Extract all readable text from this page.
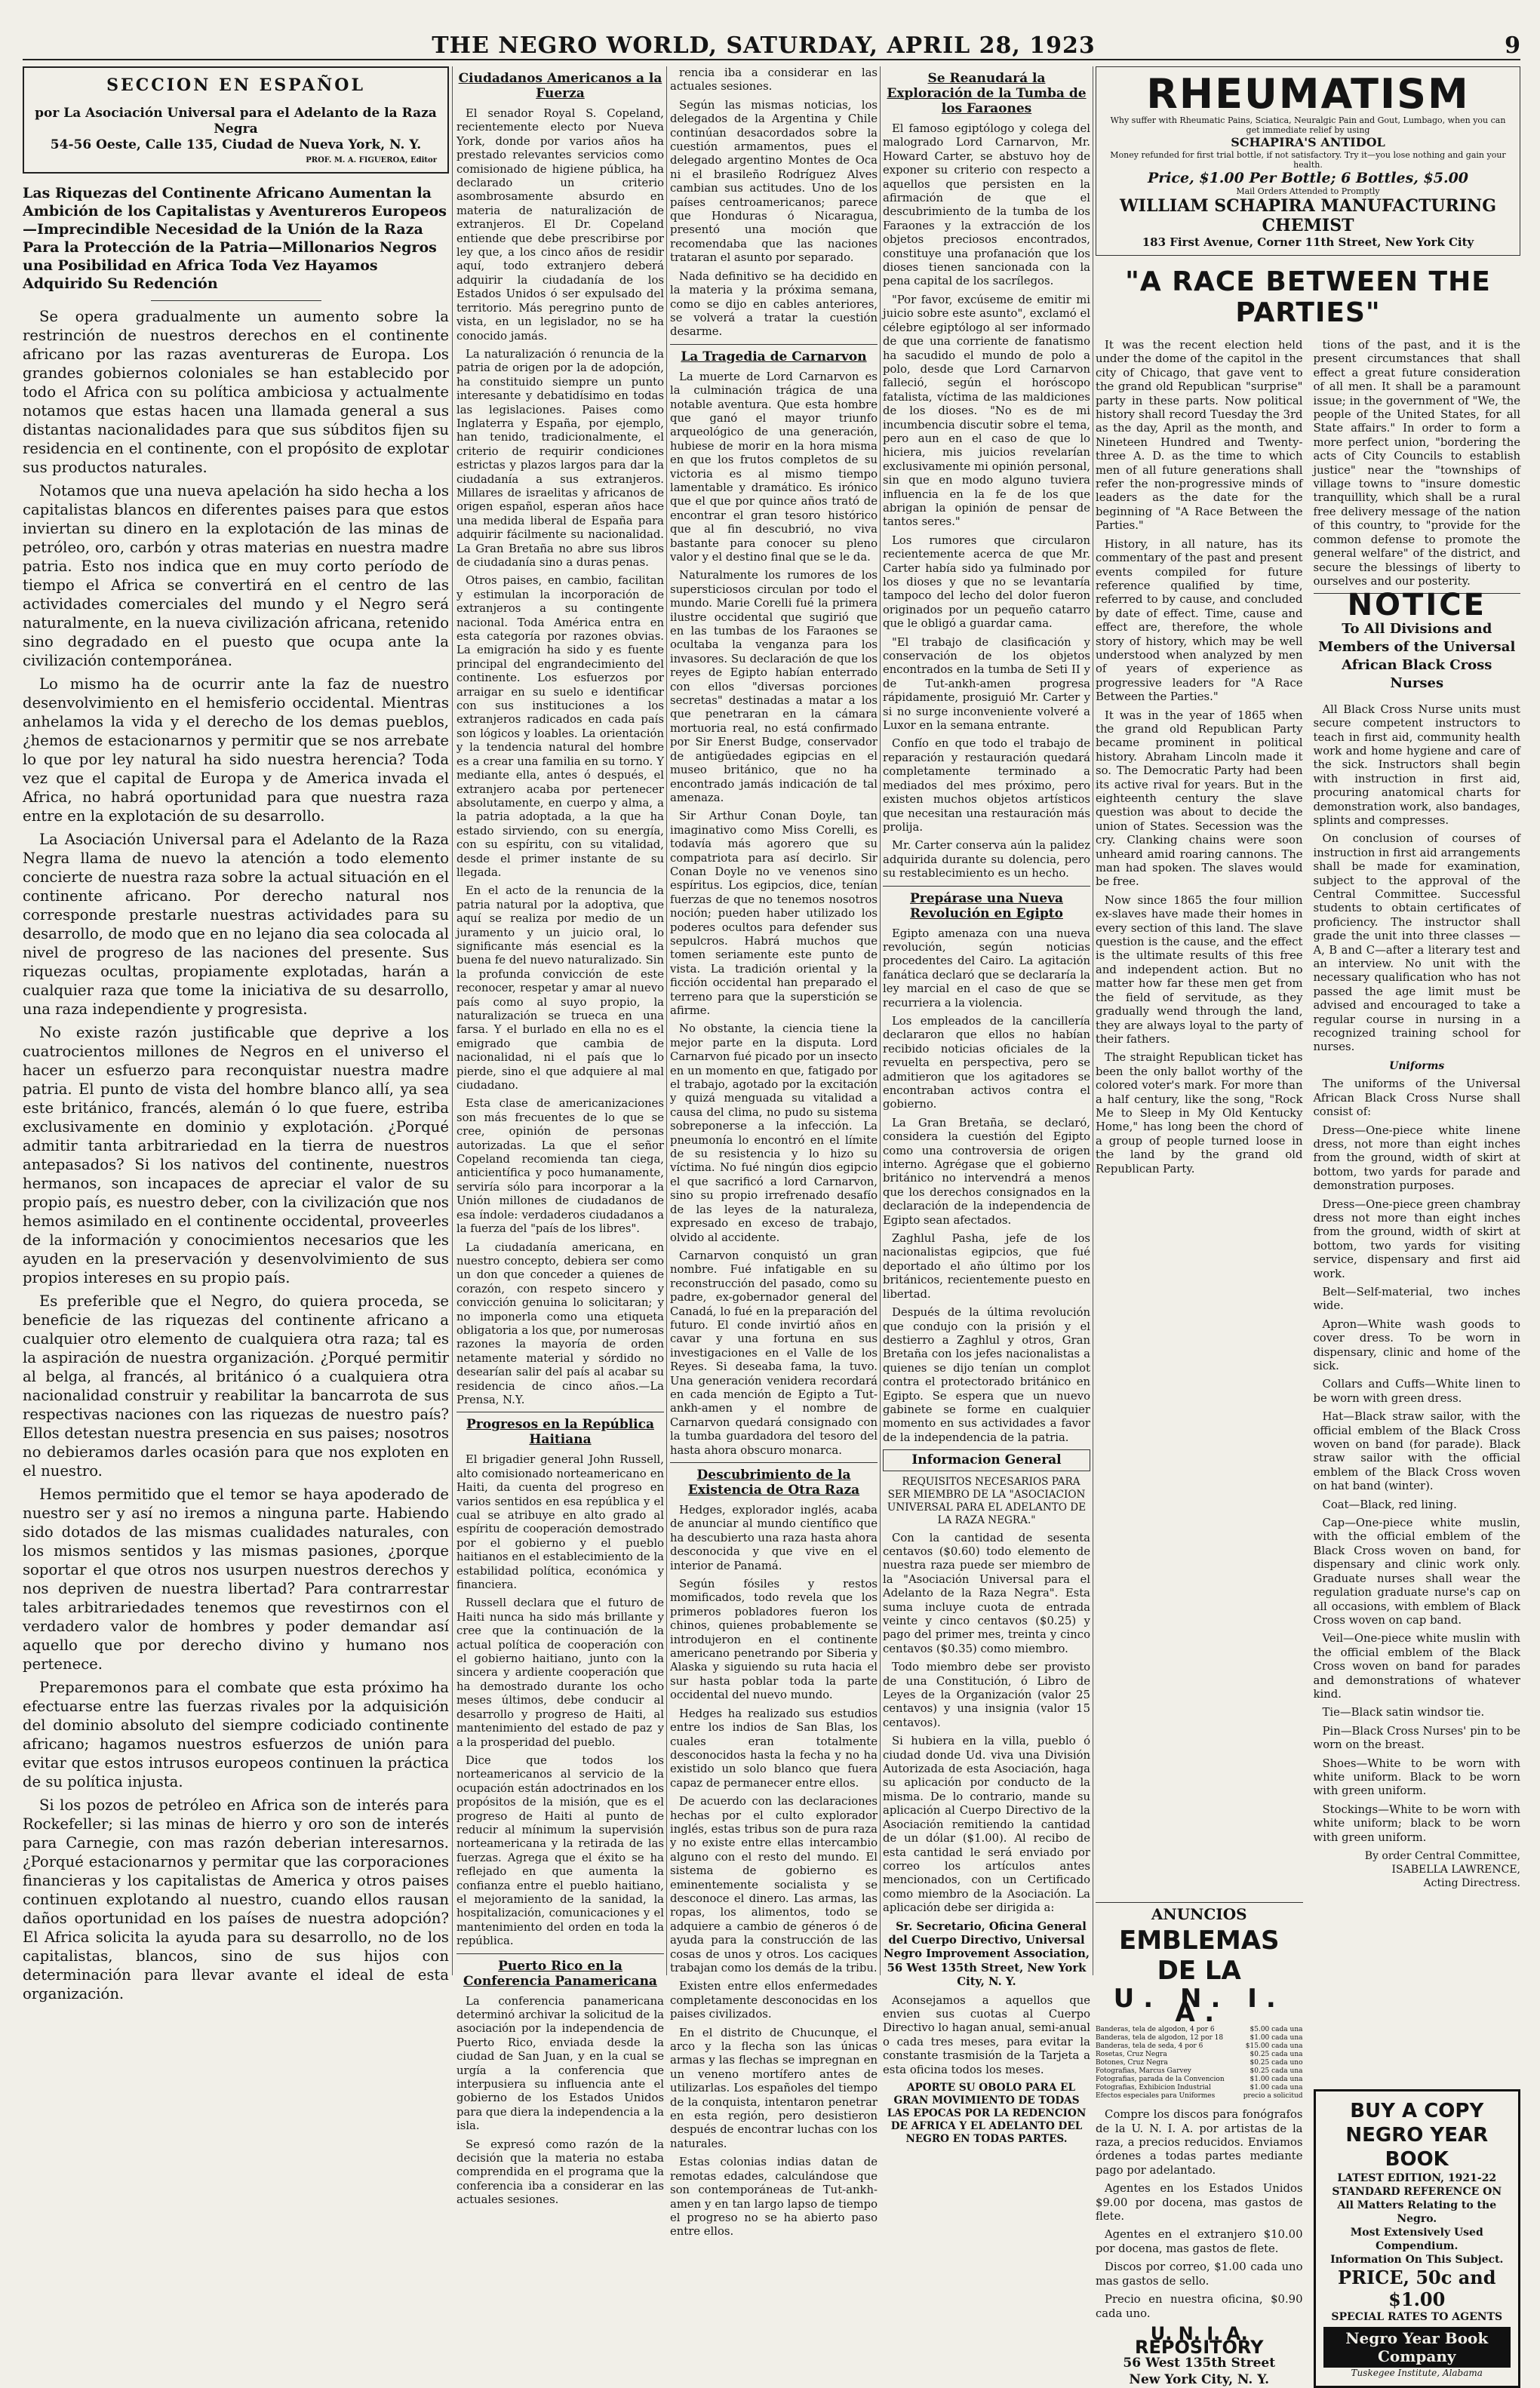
THE NEGRO WORLD, SATURDAY, APRIL 28, 1923	9
SECCION EN ESPAÑOL
por La Asociación Universal para el Adelanto de la Raza Negra
54-56 Oeste, Calle 135, Ciudad de Nueva York, N. Y.
PROF. M. A. FIGUEROA, Editor
Las Riquezas del Continente Africano Aumentan la Ambición de los Capitalistas y Aventureros Europeos—Imprecindible Necesidad de la Unión de la Raza Para la Protección de la Patria—Millonarios Negros una Posibilidad en Africa Toda Vez Hayamos Adquirido Su Redención

Se opera gradualmente un aumento sobre la restrinción de nuestros derechos en el continente africano por las razas aventureras de Europa. Los grandes gobiernos coloniales se han establecido por todo el Africa con su política ambiciosa y actualmente notamos que estas hacen una llamada general a sus distantas nacionalidades para que sus súbditos fijen su residencia en el continente, con el propósito de explotar sus productos naturales.

Notamos que una nueva apelación ha sido hecha a los capitalistas blancos en diferentes paises para que estos inviertan su dinero en la explotación de las minas de petróleo, oro, carbón y otras materias en nuestra madre patria. Esto nos indica que en muy corto período de tiempo el Africa se convertirá en el centro de las actividades comerciales del mundo y el Negro será naturalmente, en la nueva civilización africana, retenido sino degradado en el puesto que ocupa ante la civilización contemporánea.

Lo mismo ha de ocurrir ante la faz de nuestro desenvolvimiento en el hemisferio occidental. Mientras anhelamos la vida y el derecho de los demas pueblos, ¿hemos de estacionarnos y permitir que se nos arrebate lo que por ley natural ha sido nuestra herencia? Toda vez que el capital de Europa y de America invada el Africa, no habrá oportunidad para que nuestra raza entre en la explotación de su desarrollo.

La Asociación Universal para el Adelanto de la Raza Negra llama de nuevo la atención a todo elemento concierte de nuestra raza sobre la actual situación en el continente africano. Por derecho natural nos corresponde prestarle nuestras actividades para su desarrollo, de modo que en no lejano dia sea colocada al nivel de progreso de las naciones del presente. Sus riquezas ocultas, propiamente explotadas, harán a cualquier raza que tome la iniciativa de su desarrollo, una raza independiente y progresista.

No existe razón justificable que deprive a los cuatrocientos millones de Negros en el universo el hacer un esfuerzo para reconquistar nuestra madre patria. El punto de vista del hombre blanco allí, ya sea este británico, francés, alemán ó lo que fuere, estriba exclusivamente en dominio y explotación. ¿Porqué admitir tanta arbitrariedad en la tierra de nuestros antepasados? Si los nativos del continente, nuestros hermanos, son incapaces de apreciar el valor de su propio país, es nuestro deber, con la civilización que nos hemos asimilado en el continente occidental, proveerles de la información y conocimientos necesarios que les ayuden en la preservación y desenvolvimiento de sus propios intereses en su propio país.

Es preferible que el Negro, do quiera proceda, se beneficie de las riquezas del continente africano a cualquier otro elemento de cualquiera otra raza; tal es la aspiración de nuestra organización. ¿Porqué permitir al belga, al francés, al británico ó a cualquiera otra nacionalidad construir y reabilitar la bancarrota de sus respectivas naciones con las riquezas de nuestro país? Ellos detestan nuestra presencia en sus paises; nosotros no debieramos darles ocasión para que nos exploten en el nuestro.

Hemos permitido que el temor se haya apoderado de nuestro ser y así no iremos a ninguna parte. Habiendo sido dotados de las mismas cualidades naturales, con los mismos sentidos y las mismas pasiones, ¿porque soportar el que otros nos usurpen nuestros derechos y nos depriven de nuestra libertad? Para contrarrestar tales arbitrariedades tenemos que revestirnos con el verdadero valor de hombres y poder demandar así aquello que por derecho divino y humano nos pertenece.

Preparemonos para el combate que esta próximo ha efectuarse entre las fuerzas rivales por la adquisición del dominio absoluto del siempre codiciado continente africano; hagamos nuestros esfuerzos de unión para evitar que estos intrusos europeos continuen la práctica de su política injusta.

Si los pozos de petróleo en Africa son de interés para Rockefeller; si las minas de hierro y oro son de interés para Carnegie, con mas razón deberian interesarnos. ¿Porqué estacionarnos y permitar que las corporaciones financieras y los capitalistas de America y otros paises continuen explotando al nuestro, cuando ellos rausan daños oportunidad en los países de nuestra adopción? El Africa solicita la ayuda para su desarrollo, no de los capitalistas, blancos, sino de sus hijos con determinación para llevar avante el ideal de esta organización.

Ciudadanos Americanos a la Fuerza

El senador Royal S. Copeland, recientemente electo por Nueva York, donde por varios años ha prestado relevantes servicios como comisionado de higiene pública, ha declarado un criterio asombrosamente absurdo en materia de naturalización de extranjeros. El Dr. Copeland entiende que debe prescribirse por ley que, a los cinco años de residir aquí, todo extranjero deberá adquirir la ciudadanía de los Estados Unidos ó ser expulsado del territorio. Más peregrino punto de vista, en un legislador, no se ha conocido jamás.

La naturalización ó renuncia de la patria de origen por la de adopción, ha constituido siempre un punto interesante y debatidísimo en todas las legislaciones. Paises como Inglaterra y España, por ejemplo, han tenido, tradicionalmente, el criterio de requirir condiciones estrictas y plazos largos para dar la ciudadanía a sus extranjeros. Millares de israelitas y africanos de origen español, esperan años hace una medida liberal de España para adquirir fácilmente su nacionalidad. La Gran Bretaña no abre sus libros de ciudadanía sino a duras penas.

Otros paises, en cambio, facilitan y estimulan la incorporación de extranjeros a su contingente nacional. Toda América entra en esta categoría por razones obvias. La emigración ha sido y es fuente principal del engrandecimiento del continente. Los esfuerzos por arraigar en su suelo e identificar con sus instituciones a los extranjeros radicados en cada país son lógicos y loables. La orientación y la tendencia natural del hombre es a crear una familia en su torno. Y mediante ella, antes ó después, el extranjero acaba por pertenecer absolutamente, en cuerpo y alma, a la patria adoptada, a la que ha estado sirviendo, con su energía, con su espíritu, con su vitalidad, desde el primer instante de su llegada.

En el acto de la renuncia de la patria natural por la adoptiva, que aquí se realiza por medio de un juramento y un juicio oral, lo significante más esencial es la buena fe del nuevo naturalizado. Sin la profunda convicción de este reconocer, respetar y amar al nuevo país como al suyo propio, la naturalización se trueca en una farsa. Y el burlado en ella no es el emigrado que cambia de nacionalidad, ni el país que lo pierde, sino el que adquiere al mal ciudadano.

Esta clase de americanizaciones son más frecuentes de lo que se cree, opinión de personas autorizadas. La que el señor Copeland recomienda tan ciega, anticientífica y poco humanamente, serviría sólo para incorporar a la Unión millones de ciudadanos de esa índole: verdaderos ciudadanos a la fuerza del "país de los libres".

La ciudadanía americana, en nuestro concepto, debiera ser como un don que conceder a quienes de corazón, con respeto sincero y convicción genuina lo solicitaran; y no imponerla como una etiqueta obligatoria a los que, por numerosas razones la mayoría de orden netamente material y sórdido no desearían salir del país al acabar su residencia de cinco años.—La Prensa, N.Y.

Progresos en la República Haitiana

El brigadier general John Russell, alto comisionado norteamericano en Haiti, da cuenta del progreso en varios sentidos en esa república y el cual se atribuye en alto grado al espíritu de cooperación demostrado por el gobierno y el pueblo haitianos en el establecimiento de la estabilidad política, económica y financiera.

Russell declara que el futuro de Haiti nunca ha sido más brillante y cree que la continuación de la actual política de cooperación con el gobierno haitiano, junto con la sincera y ardiente cooperación que ha demostrado durante los ocho meses últimos, debe conducir al desarrollo y progreso de Haiti, al mantenimiento del estado de paz y a la prosperidad del pueblo.

Dice que todos los norteamericanos al servicio de la ocupación están adoctrinados en los propósitos de la misión, que es el progreso de Haiti al punto de reducir al mínimum la supervisión norteamericana y la retirada de las fuerzas. Agrega que el éxito se ha reflejado en que aumenta la confianza entre el pueblo haitiano, el mejoramiento de la sanidad, la hospitalización, comunicaciones y el mantenimiento del orden en toda la república.

Puerto Rico en la Conferencia Panamericana

La conferencia panamericana determinó archivar la solicitud de la asociación por la independencia de Puerto Rico, enviada desde la ciudad de San Juan, y en la cual se urgía a la conferencia que interpusiera su influencia ante el gobierno de los Estados Unidos para que diera la independencia a la isla.

Se expresó como razón de la decisión que la materia no estaba comprendida en el programa que la conferencia iba a considerar en las actuales sesiones.

rencia iba a considerar en las actuales sesiones.

Según las mismas noticias, los delegados de la Argentina y Chile continúan desacordados sobre la cuestión armamentos, pues el delegado argentino Montes de Oca ni el brasileño Rodríguez Alves cambian sus actitudes. Uno de los países centroamericanos; parece que Honduras ó Nicaragua, presentó una moción que recomendaba que las naciones trataran el asunto por separado.

Nada definitivo se ha decidido en la materia y la próxima semana, como se dijo en cables anteriores, se volverá a tratar la cuestión desarme.

La Tragedia de Carnarvon

La muerte de Lord Carnarvon es la culminación trágica de una notable aventura. Que esta hombre que ganó el mayor triunfo arqueológico de una generación, hubiese de morir en la hora misma en que los frutos completos de su victoria es al mismo tiempo lamentable y dramático. Es irónico que el que por quince años trató de encontrar el gran tesoro histórico que al fin descubrió, no viva bastante para conocer su pleno valor y el destino final que se le da.

Naturalmente los rumores de los supersticiosos circulan por todo el mundo. Marie Corelli fué la primera ilustre occidental que sugirió que en las tumbas de los Faraones se ocultaba la venganza para los invasores. Su declaración de que los reyes de Egipto habían enterrado con ellos "diversas porciones secretas" destinadas a matar a los que penetraran en la cámara mortuoria real, no está confirmado por Sir Enerst Budge, conservador de antigüedades egipcias en el museo británico, que no ha encontrado jamás indicación de tal amenaza.

Sir Arthur Conan Doyle, tan imaginativo como Miss Corelli, es todavía más agorero que su compatriota para así decirlo. Sir Conan Doyle no ve venenos sino espíritus. Los egipcios, dice, tenían fuerzas de que no tenemos nosotros noción; pueden haber utilizado los poderes ocultos para defender sus sepulcros. Habrá muchos que tomen seriamente este punto de vista. La tradición oriental y la ficción occidental han preparado el terreno para que la superstición se afirme.

No obstante, la ciencia tiene la mejor parte en la disputa. Lord Carnarvon fué picado por un insecto en un momento en que, fatigado por el trabajo, agotado por la excitación y quizá menguada su vitalidad a causa del clima, no pudo su sistema sobreponerse a la infección. La pneumonía lo encontró en el límite de su resistencia y lo hizo su víctima. No fué ningún dios egipcio el que sacrificó a lord Carnarvon, sino su propio irrefrenado desafío de las leyes de la naturaleza, expresado en exceso de trabajo, olvido al accidente.

Carnarvon conquistó un gran nombre. Fué infatigable en su reconstrucción del pasado, como su padre, ex-gobernador general del Canadá, lo fué en la preparación del futuro. El conde invirtió años en cavar y una fortuna en sus investigaciones en el Valle de los Reyes. Si deseaba fama, la tuvo. Una generación venidera recordará en cada mención de Egipto a Tut-ankh-amen y el nombre de Carnarvon quedará consignado con la tumba guardadora del tesoro del hasta ahora obscuro monarca.

Descubrimiento de la Existencia de Otra Raza

Hedges, explorador inglés, acaba de anunciar al mundo científico que ha descubierto una raza hasta ahora desconocida y que vive en el interior de Panamá.

Según fósiles y restos momificados, todo revela que los primeros pobladores fueron los chinos, quienes probablemente se introdujeron en el continente americano penetrando por Siberia y Alaska y siguiendo su ruta hacia el sur hasta poblar toda la parte occidental del nuevo mundo.

Hedges ha realizado sus estudios entre los indios de San Blas, los cuales eran totalmente desconocidos hasta la fecha y no ha existido un solo blanco que fuera capaz de permanecer entre ellos.

De acuerdo con las declaraciones hechas por el culto explorador inglés, estas tribus son de pura raza y no existe entre ellas intercambio alguno con el resto del mundo. El sistema de gobierno es eminentemente socialista y se desconoce el dinero. Las armas, las ropas, los alimentos, todo se adquiere a cambio de géneros ó de ayuda para la construcción de las cosas de unos y otros. Los caciques trabajan como los demás de la tribu.

Existen entre ellos enfermedades completamente desconocidas en los paises civilizados.

En el distrito de Chucunque, el arco y la flecha son las únicas armas y las flechas se impregnan en un veneno mortífero antes de utilizarlas. Los españoles del tiempo de la conquista, intentaron penetrar en esta región, pero desistieron después de encontrar luchas con los naturales.

Estas colonias indias datan de remotas edades, calculándose que son contemporáneas de Tut-ankh-amen y en tan largo lapso de tiempo el progreso no se ha abierto paso entre ellos.

Se Reanudará la Exploración de la Tumba de los Faraones

El famoso egiptólogo y colega del malogrado Lord Carnarvon, Mr. Howard Carter, se abstuvo hoy de exponer su criterio con respecto a aquellos que persisten en la afirmación de que el descubrimiento de la tumba de los Faraones y la extracción de los objetos preciosos encontrados, constituye una profanación que los dioses tienen sancionada con la pena capital de los sacrílegos.

"Por favor, excúseme de emitir mi juicio sobre este asunto", exclamó el célebre egiptólogo al ser informado de que una corriente de fanatismo ha sacudido el mundo de polo a polo, desde que Lord Carnarvon falleció, según el horóscopo fatalista, víctima de las maldiciones de los dioses. "No es de mi incumbencia discutir sobre el tema, pero aun en el caso de que lo hiciera, mis juicios revelarían exclusivamente mi opinión personal, sin que en modo alguno tuviera influencia en la fe de los que abrigan la opinión de pensar de tantos seres."

Los rumores que circularon recientemente acerca de que Mr. Carter había sido ya fulminado por los dioses y que no se levantaría tampoco del lecho del dolor fueron originados por un pequeño catarro que le obligó a guardar cama.

"El trabajo de clasificación y conservación de los objetos encontrados en la tumba de Seti II y de Tut-ankh-amen progresa rápidamente, prosiguió Mr. Carter y si no surge inconveniente volveré a Luxor en la semana entrante.

Confío en que todo el trabajo de reparación y restauración quedará completamente terminado a mediados del mes próximo, pero existen muchos objetos artísticos que necesitan una restauración más prolija.

Mr. Carter conserva aún la palidez adquirida durante su dolencia, pero su restablecimiento es un hecho.

Prepárase una Nueva Revolución en Egipto

Egipto amenaza con una nueva revolución, según noticias procedentes del Cairo. La agitación fanática declaró que se declararía la ley marcial en el caso de que se recurriera a la violencia.

Los empleados de la cancillería declararon que ellos no habían recibido noticias oficiales de la revuelta en perspectiva, pero se admitieron que los agitadores se encontraban activos contra el gobierno.

La Gran Bretaña, se declaró, considera la cuestión del Egipto como una controversia de origen interno. Agrégase que el gobierno británico no intervendrá a menos que los derechos consignados en la declaración de la independencia de Egipto sean afectados.

Zaghlul Pasha, jefe de los nacionalistas egipcios, que fué deportado el año último por los británicos, recientemente puesto en libertad.

Después de la última revolución que condujo con la prisión y el destierro a Zaghlul y otros, Gran Bretaña con los jefes nacionalistas a quienes se dijo tenían un complot contra el protectorado británico en Egipto. Se espera que un nuevo gabinete se forme en cualquier momento en sus actividades a favor de la independencia de la patria.

Informacion General

REQUISITOS NECESARIOS PARA SER MIEMBRO DE LA "ASOCIACION UNIVERSAL PARA EL ADELANTO DE LA RAZA NEGRA."

Con la cantidad de sesenta centavos ($0.60) todo elemento de nuestra raza puede ser miembro de la "Asociación Universal para el Adelanto de la Raza Negra". Esta suma incluye cuota de entrada veinte y cinco centavos ($0.25) y pago del primer mes, treinta y cinco centavos ($0.35) como miembro.

Todo miembro debe ser provisto de una Constitución, ó Libro de Leyes de la Organización (valor 25 centavos) y una insignia (valor 15 centavos).

Si hubiera en la villa, pueblo ó ciudad donde Ud. viva una División Autorizada de esta Asociación, haga su aplicación por conducto de la misma. De lo contrario, mande su aplicación al Cuerpo Directivo de la Asociación remitiendo la cantidad de un dólar ($1.00). Al recibo de esta cantidad le será enviado por correo los artículos antes mencionados, con un Certificado como miembro de la Asociación. La aplicación debe ser dirigida a:

Sr. Secretario, Oficina General del Cuerpo Directivo, Universal Negro Improvement Association, 56 West 135th Street, New York City, N. Y.

Aconsejamos a aquellos que envien sus cuotas al Cuerpo Directivo lo hagan anual, semi-anual o cada tres meses, para evitar la constante trasmisión de la Tarjeta a esta oficina todos los meses.

APORTE SU OBOLO PARA EL GRAN MOVIMIENTO DE TODAS LAS EPOCAS POR LA REDENCION DE AFRICA Y EL ADELANTO DEL NEGRO EN TODAS PARTES.

RHEUMATISM
Why suffer with Rheumatic Pains, Sciatica, Neuralgic Pain and Gout, Lumbago, when you can get immediate relief by using
SCHAPIRA'S ANTIDOL
Money refunded for first trial bottle, if not satisfactory. Try it—you lose nothing and gain your health.
Price, $1.00 Per Bottle; 6 Bottles, $5.00
Mail Orders Attended to Promptly
WILLIAM SCHAPIRA MANUFACTURING CHEMIST
183 First Avenue, Corner 11th Street, New York City
"A RACE BETWEEN THE PARTIES"

It was the recent election held under the dome of the capitol in the city of Chicago, that gave vent to the grand old Republican "surprise" party in these parts. Now political history shall record Tuesday the 3rd as the day, April as the month, and Nineteen Hundred and Twenty-three A. D. as the time to which men of all future generations shall refer the non-progressive minds of leaders as the date for the beginning of "A Race Between the Parties."

History, in all nature, has its commentary of the past and present events compiled for future reference qualified by time, referred to by cause, and concluded by date of effect. Time, cause and effect are, therefore, the whole story of history, which may be well understood when analyzed by men of years of experience as progressive leaders for "A Race Between the Parties."

It was in the year of 1865 when the grand old Republican Party became prominent in political history. Abraham Lincoln made it so. The Democratic Party had been its active rival for years. But in the eighteenth century the slave question was about to decide the union of States. Secession was the cry. Clanking chains were soon unheard amid roaring cannons. The man had spoken. The slaves would be free.

Now since 1865 the four million ex-slaves have made their homes in every section of this land. The slave question is the cause, and the effect is the ultimate results of this free and independent action. But no matter how far these men get from the field of servitude, as they gradually wend through the land, they are always loyal to the party of their fathers.

The straight Republican ticket has been the only ballot worthy of the colored voter's mark. For more than a half century, like the song, "Rock Me to Sleep in My Old Kentucky Home," has long been the chord of a group of people turned loose in the land by the grand old Republican Party.

tions of the past, and it is the present circumstances that shall effect a great future consideration of all men. It shall be a paramount issue; in the government of "We, the people of the United States, for all State affairs." In order to form a more perfect union, "bordering the acts of City Councils to establish justice" near the "townships of village towns to "insure domestic tranquillity, which shall be a rural free delivery message of the nation of this country, to "provide for the common defense to promote the general welfare" of the district, and secure the blessings of liberty to ourselves and our posterity.

NOTICE
To All Divisions and Members of the Universal African Black Cross Nurses

All Black Cross Nurse units must secure competent instructors to teach in first aid, community health work and home hygiene and care of the sick. Instructors shall begin with instruction in first aid, procuring anatomical charts for demonstration work, also bandages, splints and compresses.

On conclusion of courses of instruction in first aid arrangements shall be made for examination, subject to the approval of the Central Committee. Successful students to obtain certificates of proficiency. The instructor shall grade the unit into three classes —A, B and C—after a literary test and an interview. No unit with the necessary qualification who has not passed the age limit must be advised and encouraged to take a regular course in nursing in a recognized training school for nurses.

Uniforms

The uniforms of the Universal African Black Cross Nurse shall consist of:

Dress—One-piece white linene dress, not more than eight inches from the ground, width of skirt at bottom, two yards for parade and demonstration purposes.

Dress—One-piece green chambray dress not more than eight inches from the ground, width of skirt at bottom, two yards for visiting service, dispensary and first aid work.

Belt—Self-material, two inches wide.

Apron—White wash goods to cover dress. To be worn in dispensary, clinic and home of the sick.

Collars and Cuffs—White linen to be worn with green dress.

Hat—Black straw sailor, with the official emblem of the Black Cross woven on band (for parade). Black straw sailor with the official emblem of the Black Cross woven on hat band (winter).

Coat—Black, red lining.

Cap—One-piece white muslin, with the official emblem of the Black Cross woven on band, for dispensary and clinic work only. Graduate nurses shall wear the regulation graduate nurse's cap on all occasions, with emblem of Black Cross woven on cap band.

Veil—One-piece white muslin with the official emblem of the Black Cross woven on band for parades and demonstrations of whatever kind.

Tie—Black satin windsor tie.

Pin—Black Cross Nurses' pin to be worn on the breast.

Shoes—White to be worn with white uniform. Black to be worn with green uniform.

Stockings—White to be worn with white uniform; black to be worn with green uniform.

By order Central Committee,
ISABELLA LAWRENCE,
Acting Directress.
ANUNCIOS
EMBLEMAS DE LA
U. N. I. A.
Banderas, tela de algodon, 4 por 6	$5.00 cada una
Banderas, tela de algodon, 12 por 18	$1.00 cada una
Banderas, tela de seda, 4 por 6	$15.00 cada una
Rosetas, Cruz Negra	$0.25 cada una
Botones, Cruz Negra	$0.25 cada uno
Fotografias, Marcus Garvey	$0.25 cada una
Fotografias, parada de la Convencion	$1.00 cada una
Fotografias, Exhibicion Industrial	$1.00 cada una
Efectos especiales para Uniformes	precio a solicitud

Compre los discos para fonógrafos de la U. N. I. A. por artistas de la raza, a precios reducidos. Enviamos órdenes a todas partes mediante pago por adelantado.

Agentes en los Estados Unidos $9.00 por docena, mas gastos de flete.

Agentes en el extranjero $10.00 por docena, mas gastos de flete.

Discos por correo, $1.00 cada uno mas gastos de sello.

Precio en nuestra oficina, $0.90 cada uno.

U. N. I. A. REPOSITORY
56 West 135th Street
New York City, N. Y.
BUY A COPY
NEGRO YEAR BOOK
LATEST EDITION, 1921-22
STANDARD REFERENCE ON
All Matters Relating to the Negro.
Most Extensively Used Compendium.
Information On This Subject.
PRICE, 50c and $1.00
SPECIAL RATES TO AGENTS
Negro Year Book Company
Tuskegee Institute, Alabama
